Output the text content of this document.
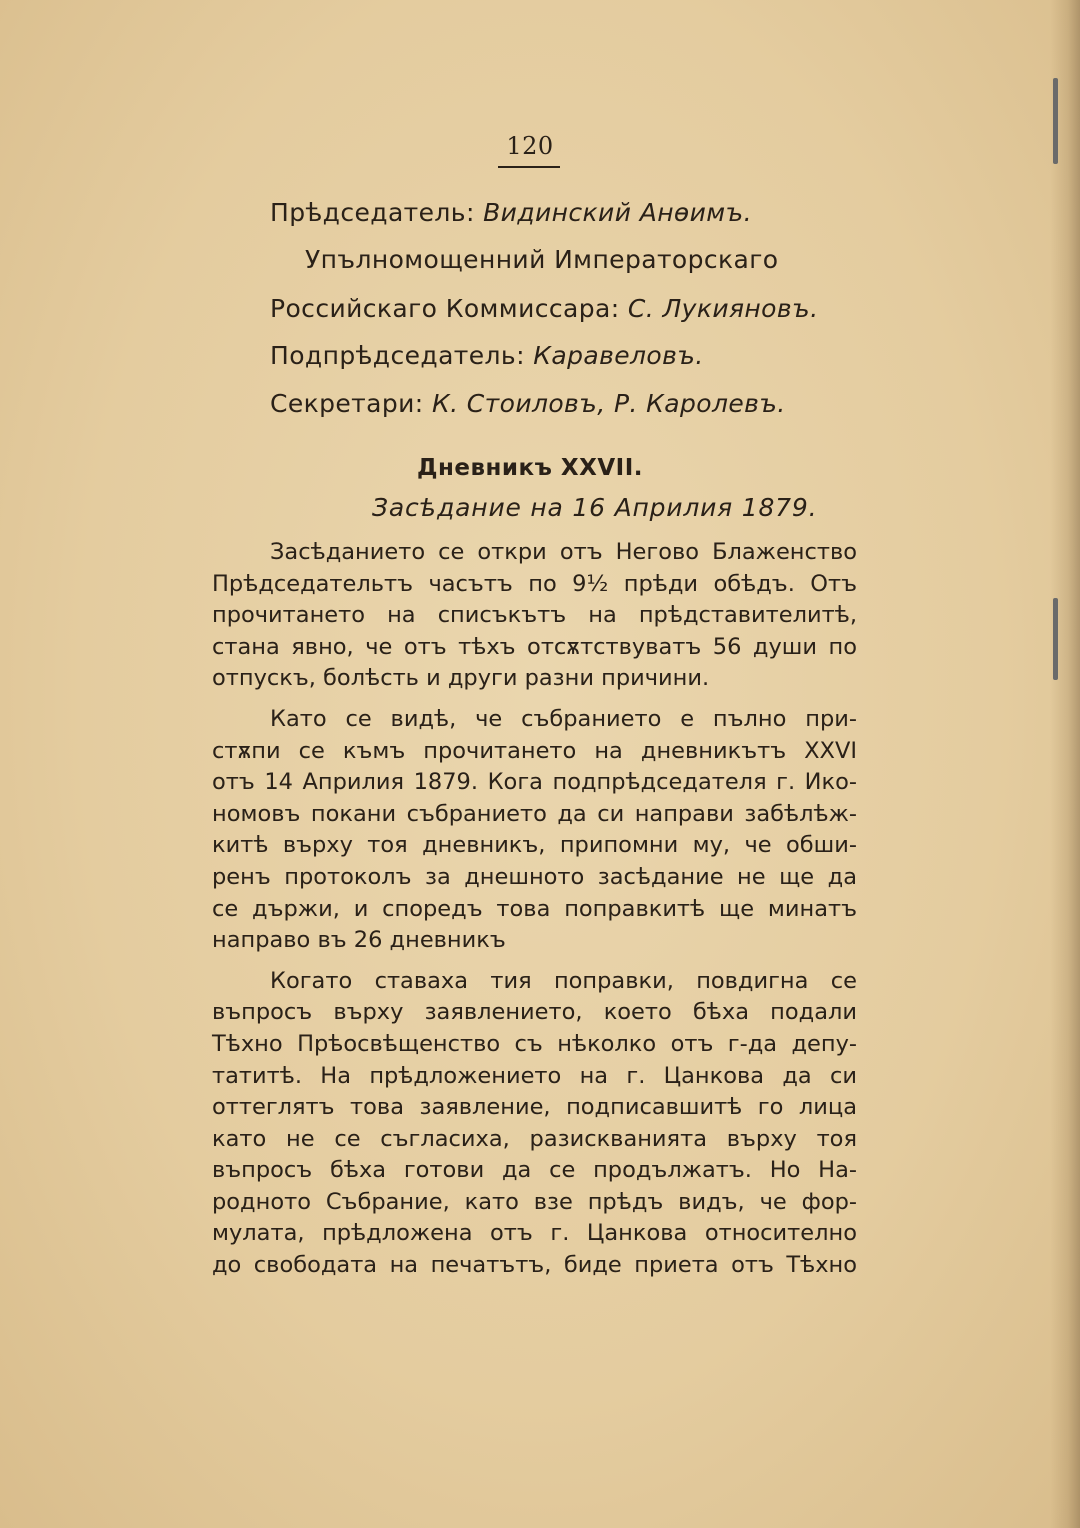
120
Прѣдседатель: Видинский Анѳимъ.
Упълномощенний Императорскаго
Российскаго Коммиссара: С. Лукияновъ.
Подпрѣдседатель: Каравеловъ.
Секретари: К. Стоиловъ, Р. Каролевъ.
Дневникъ XXVII.
Засѣдание на 16 Априлия 1879.
Засѣданието се откри отъ Негово Блаженство
Прѣдседательтъ часътъ по 9½ прѣди обѣдъ. Отъ
прочитането на списъкътъ на прѣдставителитѣ,
стана явно, че отъ тѣхъ отсѫтствуватъ 56 души по
отпускъ, болѣсть и други разни причини.
Като се видѣ, че събранието е пълно при-
стѫпи се къмъ прочитането на дневникътъ XXVI
отъ 14 Априлия 1879. Кога подпрѣдседателя г. Ико-
номовъ покани събранието да си направи забѣлѣж-
китѣ върху тоя дневникъ, припомни му, че обши-
ренъ протоколъ за днешното засѣдание не ще да
се държи, и споредъ това поправкитѣ ще минатъ
направо въ 26 дневникъ
Когато ставаха тия поправки, повдигна се
въпросъ върху заявлението, което бѣха подали
Тѣхно Прѣосвѣщенство съ нѣколко отъ г-да депу-
татитѣ. На прѣдложението на г. Цанкова да си
оттеглятъ това заявление, подписавшитѣ го лица
като не се съгласиха, разискванията върху тоя
въпросъ бѣха готови да се продължатъ. Но На-
родното Събрание, като взе прѣдъ видъ, че фор-
мулата, прѣдложена отъ г. Цанкова относително
до свободата на печатътъ, биде приета отъ Тѣхно
